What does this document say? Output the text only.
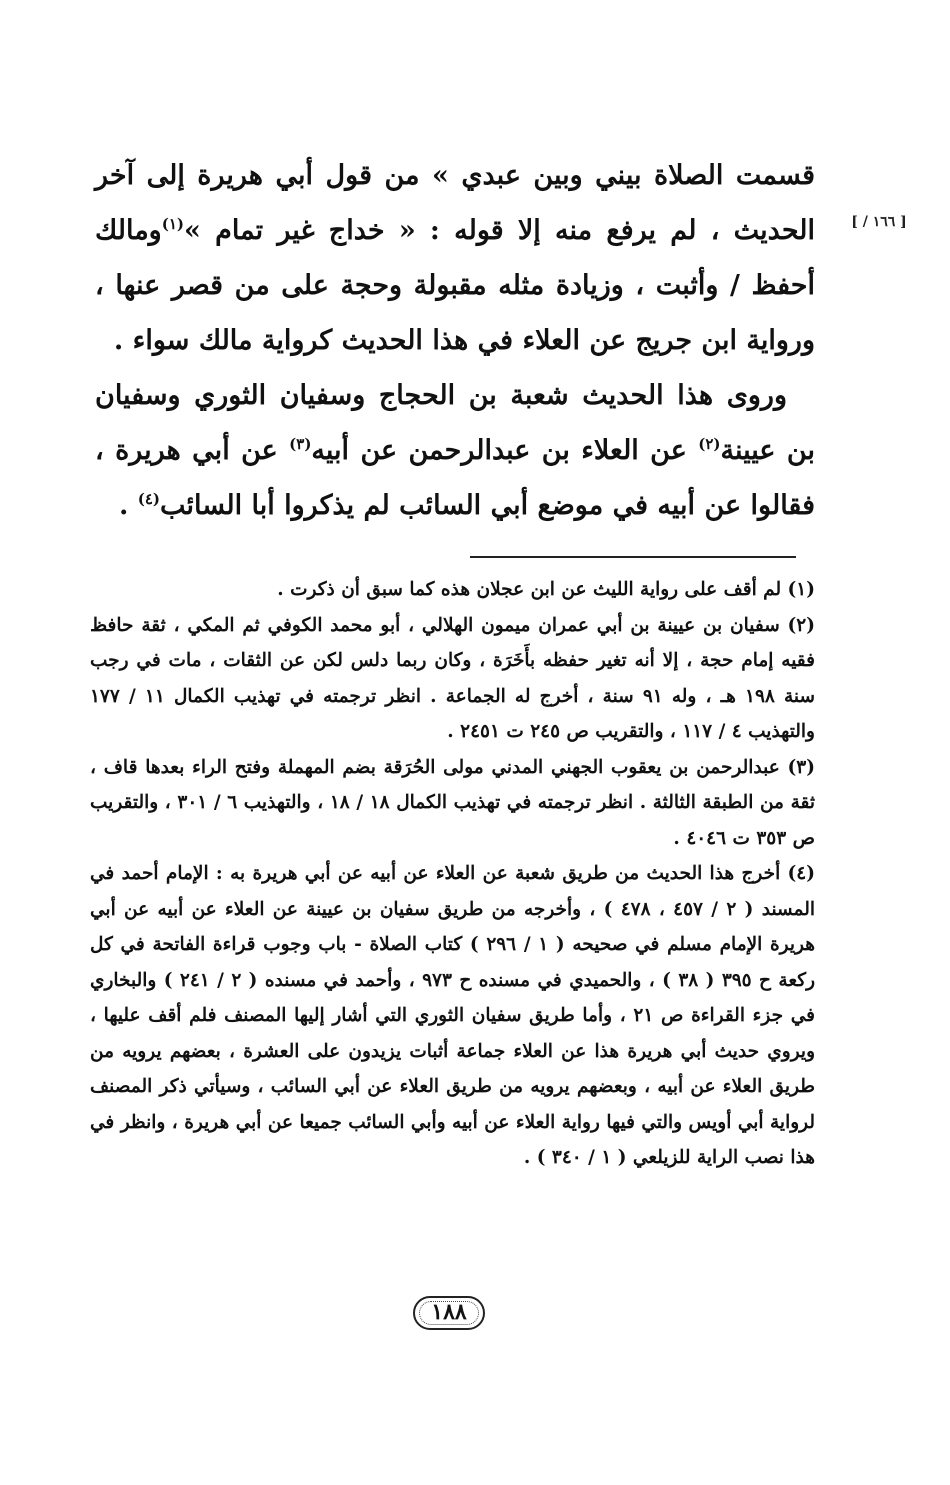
[ ١٦٦ / ]

قسمت الصلاة بيني وبين عبدي » من قول أبي هريرة إلى آخر الحديث ، لم يرفع منه إلا قوله : « خداج غير تمام »$^{(١)}$ومالك أحفظ / وأثبت ، وزيادة مثله مقبولة وحجة على من قصر عنها ، ورواية ابن جريج عن العلاء في هذا الحديث كرواية مالك سواء .

وروى هذا الحديث شعبة بن الحجاج وسفيان الثوري وسفيان بن عيينة$^{(٢)}$ عن العلاء بن عبدالرحمن عن أبيه$^{(٣)}$ عن أبي هريرة ، فقالوا عن أبيه في موضع أبي السائب لم يذكروا أبا السائب$^{(٤)}$ .

(١) لم أقف على رواية الليث عن ابن عجلان هذه كما سبق أن ذكرت .

(٢) سفيان بن عيينة بن أبي عمران ميمون الهلالي ، أبو محمد الكوفي ثم المكي ، ثقة حافظ فقيه إمام حجة ، إلا أنه تغير حفظه بأَخَرَة ، وكان ربما دلس لكن عن الثقات ، مات في رجب سنة ١٩٨ هـ ، وله ٩١ سنة ، أخرج له الجماعة . انظر ترجمته في تهذيب الكمال ١١ / ١٧٧ والتهذيب ٤ / ١١٧ ، والتقريب ص ٢٤٥ ت ٢٤٥١ .

(٣) عبدالرحمن بن يعقوب الجهني المدني مولى الحُرَقة بضم المهملة وفتح الراء بعدها قاف ، ثقة من الطبقة الثالثة . انظر ترجمته في تهذيب الكمال ١٨ / ١٨ ، والتهذيب ٦ / ٣٠١ ، والتقريب ص ٣٥٣ ت ٤٠٤٦ .

(٤) أخرج هذا الحديث من طريق شعبة عن العلاء عن أبيه عن أبي هريرة به : الإمام أحمد في المسند ( ٢ / ٤٥٧ ، ٤٧٨ ) ، وأخرجه من طريق سفيان بن عيينة عن العلاء عن أبيه عن أبي هريرة الإمام مسلم في صحيحه ( ١ / ٢٩٦ ) كتاب الصلاة - باب وجوب قراءة الفاتحة في كل ركعة ح ٣٩٥ ( ٣٨ ) ، والحميدي في مسنده ح ٩٧٣ ، وأحمد في مسنده ( ٢ / ٢٤١ ) والبخاري في جزء القراءة ص ٢١ ، وأما طريق سفيان الثوري التي أشار إليها المصنف فلم أقف عليها ، ويروي حديث أبي هريرة هذا عن العلاء جماعة أثبات يزيدون على العشرة ، بعضهم يرويه من طريق العلاء عن أبيه ، وبعضهم يرويه من طريق العلاء عن أبي السائب ، وسيأتي ذكر المصنف لرواية أبي أويس والتي فيها رواية العلاء عن أبيه وأبي السائب جميعا عن أبي هريرة ، وانظر في هذا نصب الراية للزيلعي ( ١ / ٣٤٠ ) .

١٨٨
